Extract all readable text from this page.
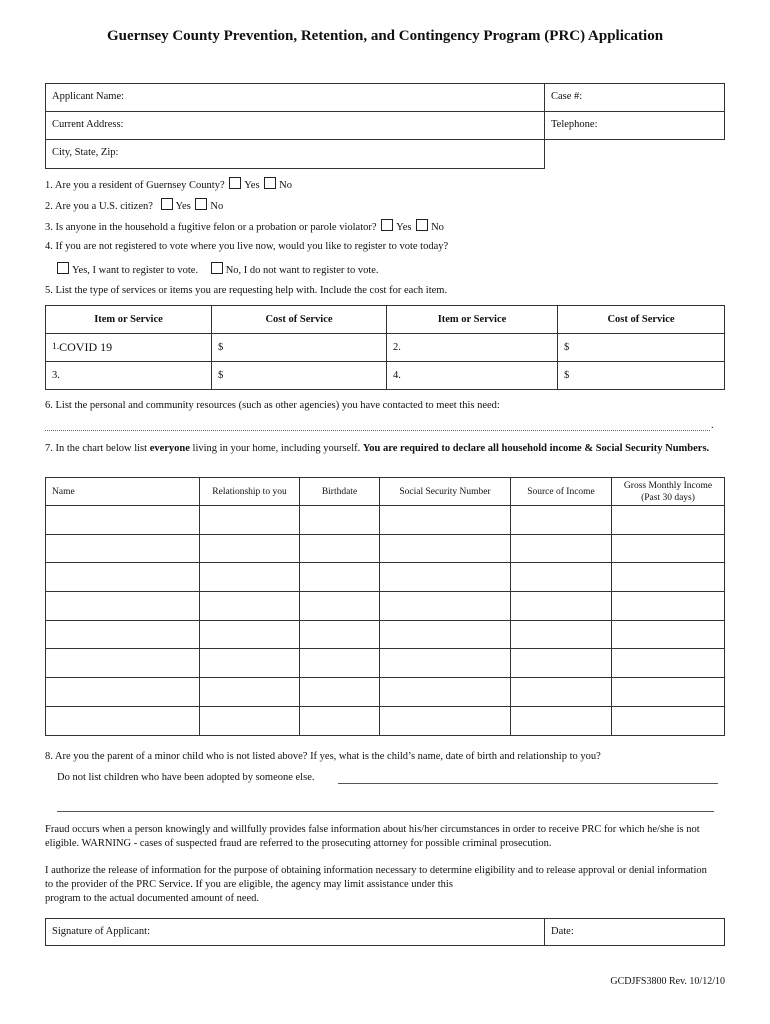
Guernsey County Prevention, Retention, and Contingency Program (PRC) Application
Applicant Name:	Case #:
Current Address:	Telephone:
City, State, Zip:
1. Are you a resident of Guernsey County? Yes No
2. Are you a U.S. citizen? Yes No
3. Is anyone in the household a fugitive felon or a probation or parole violator? Yes No
4. If you are not registered to vote where you live now, would you like to register to vote today?
Yes, I want to register to vote.	No, I do not want to register to vote.
5. List the type of services or items you are requesting help with. Include the cost for each item.
Item or Service	Cost of Service	Item or Service	Cost of Service
1.COVID 19	$	2.	$
3.	$	4.	$
6. List the personal and community resources (such as other agencies) you have contacted to meet this need:
.
7. In the chart below list everyone living in your home, including yourself. You are required to declare all household income & Social Security Numbers.
Name	Relationship to you	Birthdate	Social Security Number	Source of Income	Gross Monthly Income
(Past 30 days)

8. Are you the parent of a minor child who is not listed above? If yes, what is the child’s name, date of birth and relationship to you?
Do not list children who have been adopted by someone else.
Fraud occurs when a person knowingly and willfully provides false information about his/her circumstances in order to receive PRC for which he/she is not eligible. WARNING - cases of suspected fraud are referred to the prosecuting attorney for possible criminal prosecution.
I authorize the release of information for the purpose of obtaining information necessary to determine eligibility and to release approval or denial information to the provider of the PRC Service. If you are eligible, the agency may limit assistance under this
program to the actual documented amount of need.
Signature of Applicant:	Date:
GCDJFS3800 Rev. 10/12/10
